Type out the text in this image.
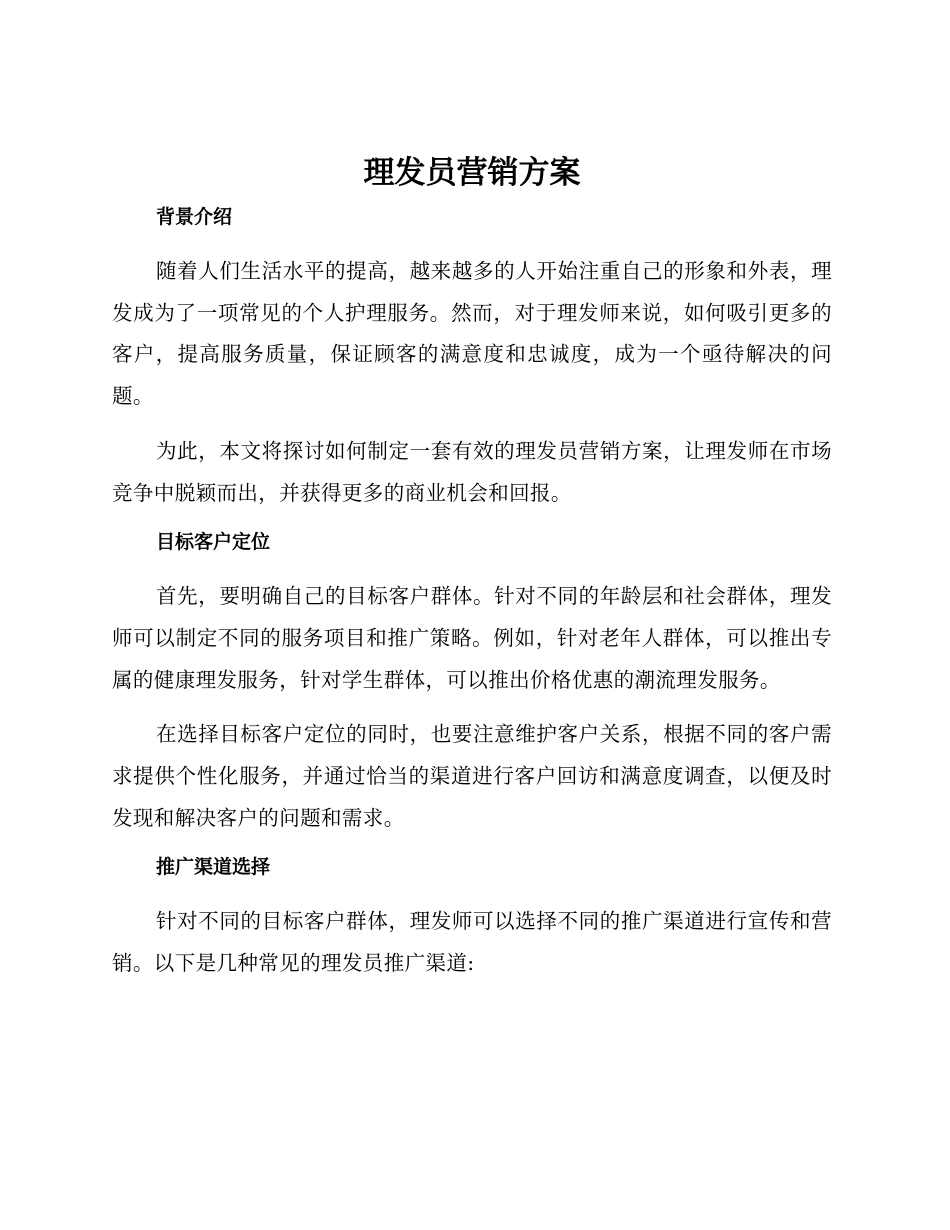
理发员营销方案
背景介绍

随着人们生活水平的提高，越来越多的人开始注重自己的形象和外表，理发成为了一项常见的个人护理服务。然而，对于理发师来说，如何吸引更多的客户，提高服务质量，保证顾客的满意度和忠诚度，成为一个亟待解决的问题。

为此，本文将探讨如何制定一套有效的理发员营销方案，让理发师在市场竞争中脱颖而出，并获得更多的商业机会和回报。

目标客户定位

首先，要明确自己的目标客户群体。针对不同的年龄层和社会群体，理发师可以制定不同的服务项目和推广策略。例如，针对老年人群体，可以推出专属的健康理发服务，针对学生群体，可以推出价格优惠的潮流理发服务。

在选择目标客户定位的同时，也要注意维护客户关系，根据不同的客户需求提供个性化服务，并通过恰当的渠道进行客户回访和满意度调查，以便及时发现和解决客户的问题和需求。

推广渠道选择

针对不同的目标客户群体，理发师可以选择不同的推广渠道进行宣传和营销。以下是几种常见的理发员推广渠道:
